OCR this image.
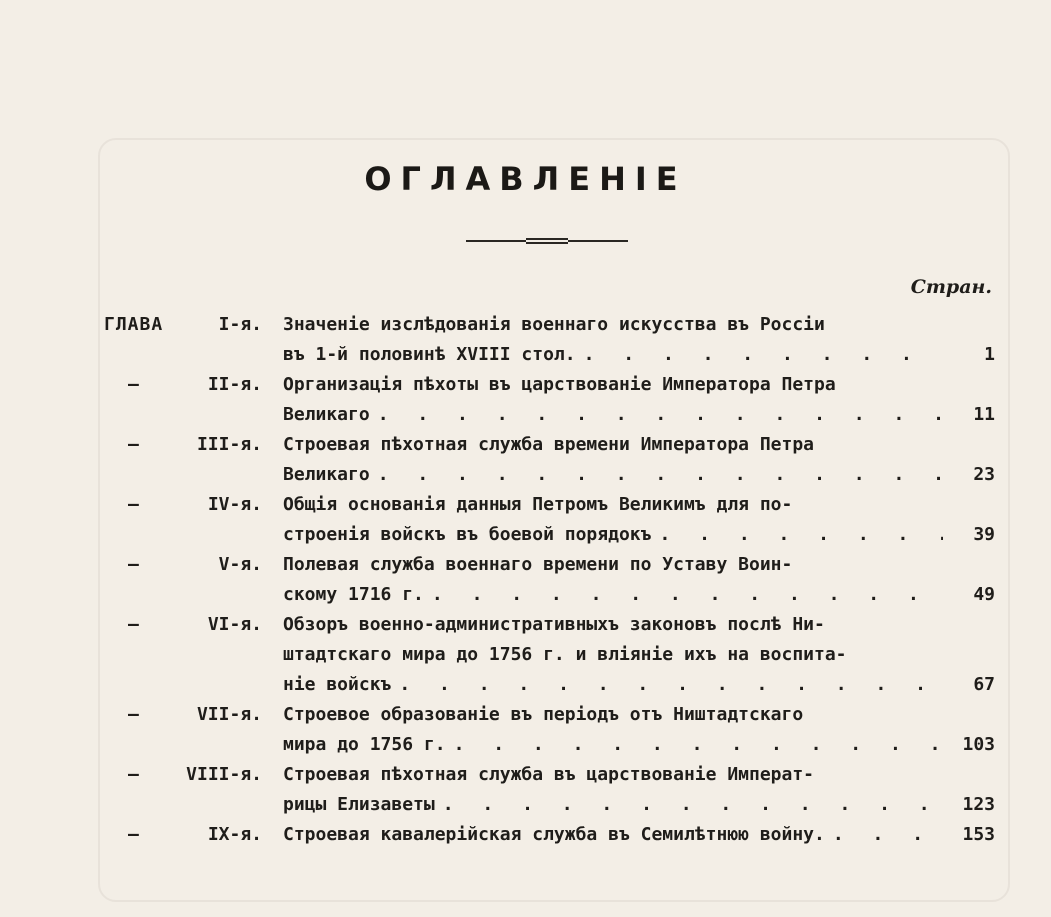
ОГЛАВЛЕНІЕ
Стран.
ГЛАВА	I-я. Значеніе изслѣдованія военнаго искусства въ Россіи
въ 1-й половинѣ XVIII стол. . . .	1
—	II-я. Организація пѣхоты въ царствованіе Императора Петра
Великаго . . .	11
—	III-я. Строевая пѣхотная служба времени Императора Петра
Великаго . . .	23
—	IV-я. Общія основанія данныя Петромъ Великимъ для по-
строенія войскъ въ боевой порядокъ . . .	39
—	V-я. Полевая служба военнаго времени по Уставу Воин-
скому 1716 г. . . .	49
—	VI-я. Обзоръ военно-административныхъ законовъ послѣ Ни-
штадтскаго мира до 1756 г. и вліяніе ихъ на воспита-
ніе войскъ . . .	67
—	VII-я. Строевое образованіе въ періодъ отъ Ништадтскаго
мира до 1756 г. . . .	103
—	VIII-я. Строевая пѣхотная служба въ царствованіе Императ-
рицы Елизаветы . . .	123
—	IX-я. Строевая кавалерійская служба въ Семилѣтнюю войну. . . .	153
